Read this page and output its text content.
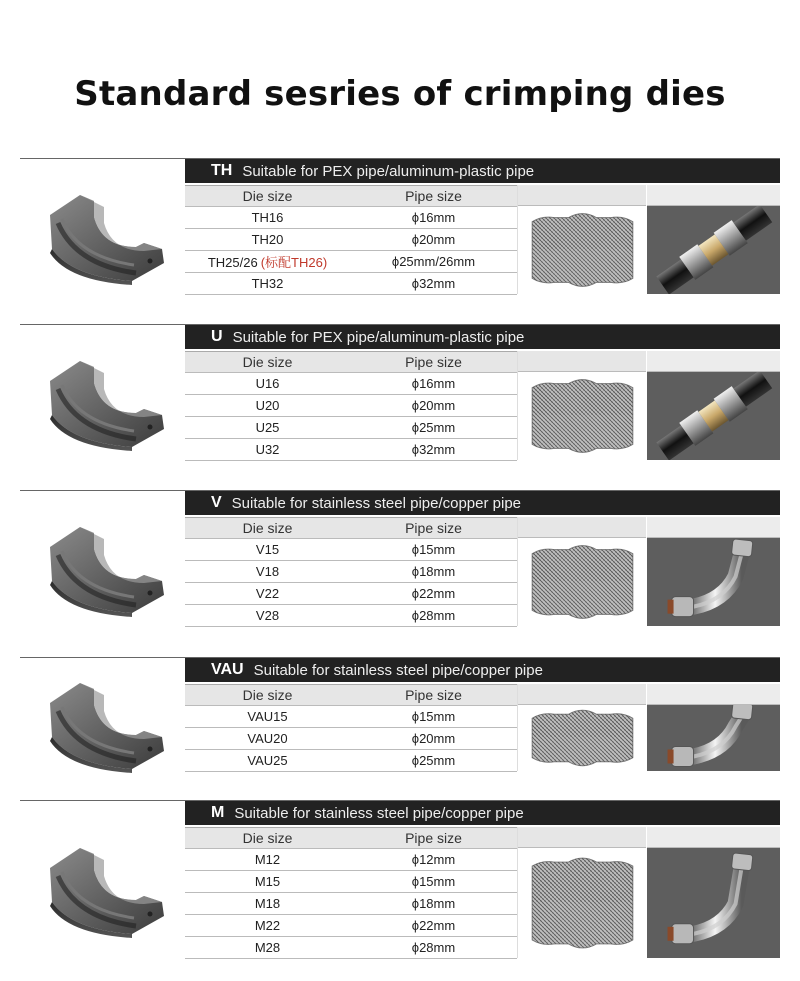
Standard sesries of crimping dies
TH Suitable for PEX pipe/aluminum-plastic pipe
Die size	Pipe size
TH16	ϕ16mm
TH20	ϕ20mm
TH25/26 (标配TH26)	ϕ25mm/26mm
TH32	ϕ32mm
U Suitable for PEX pipe/aluminum-plastic pipe
Die size	Pipe size
U16	ϕ16mm
U20	ϕ20mm
U25	ϕ25mm
U32	ϕ32mm
V Suitable for stainless steel pipe/copper pipe
Die size	Pipe size
V15	ϕ15mm
V18	ϕ18mm
V22	ϕ22mm
V28	ϕ28mm
VAU Suitable for stainless steel pipe/copper pipe
Die size	Pipe size
VAU15	ϕ15mm
VAU20	ϕ20mm
VAU25	ϕ25mm
M Suitable for stainless steel pipe/copper pipe
Die size	Pipe size
M12	ϕ12mm
M15	ϕ15mm
M18	ϕ18mm
M22	ϕ22mm
M28	ϕ28mm
